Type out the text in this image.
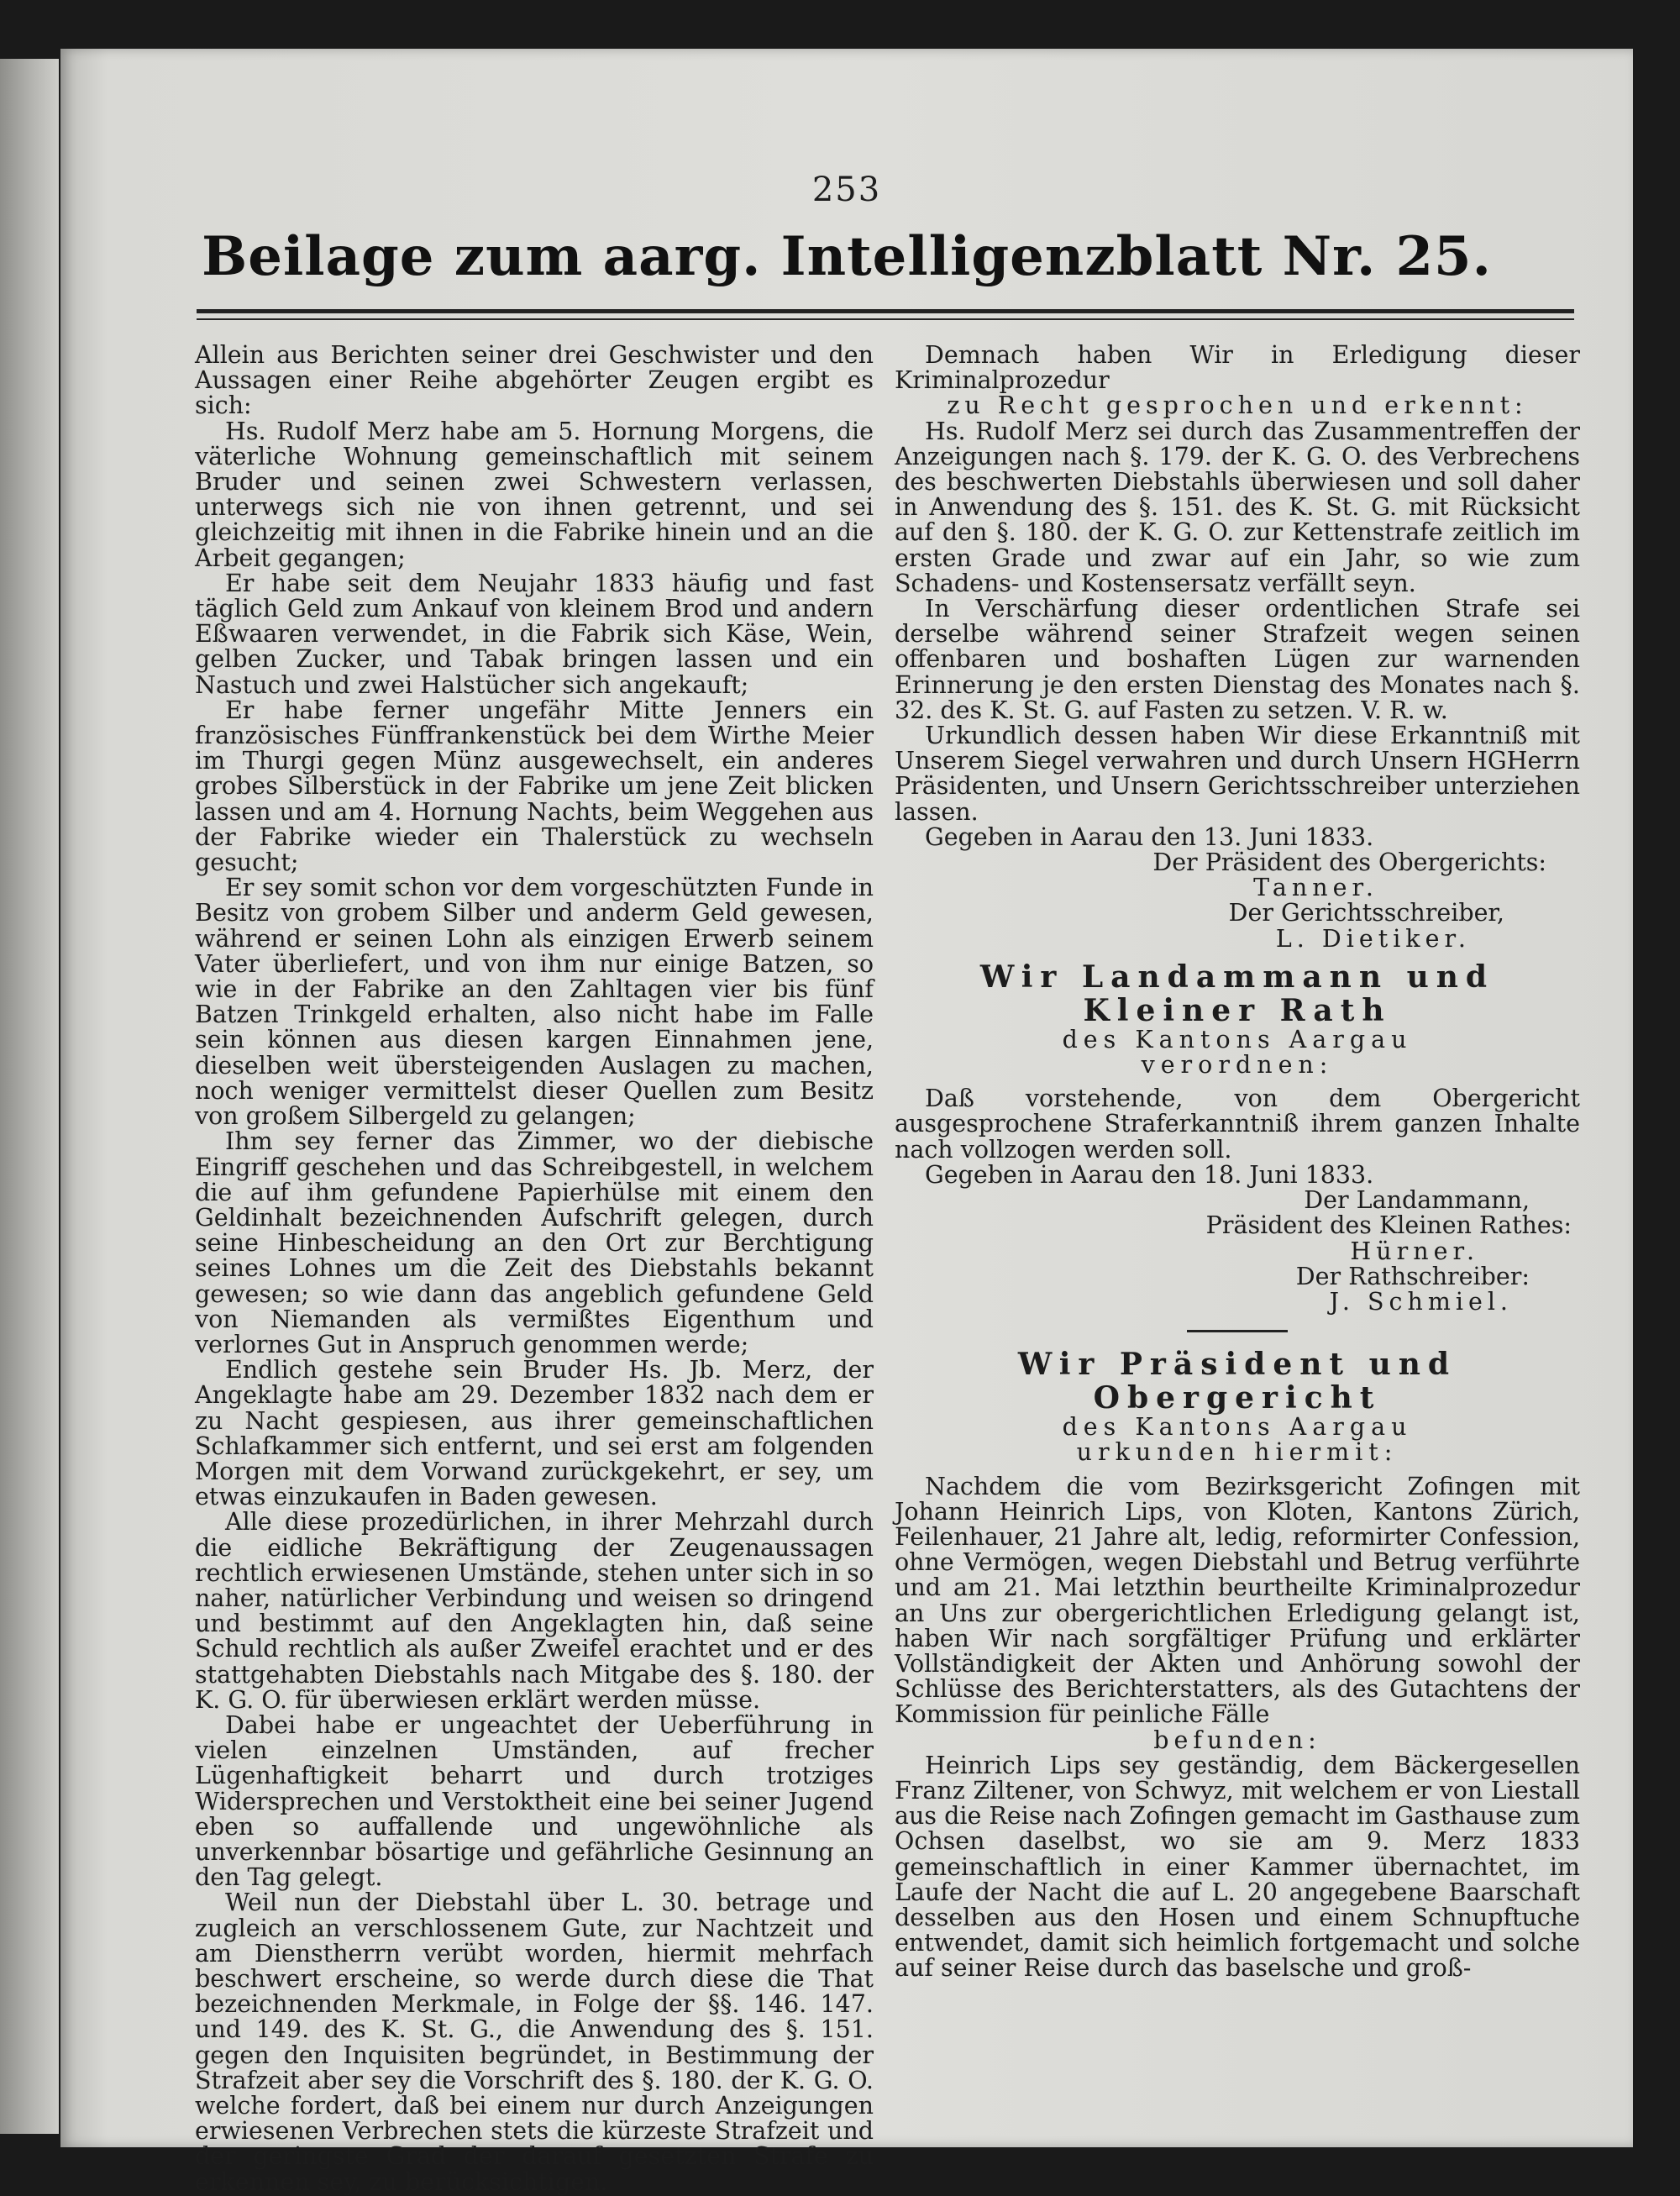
253
Beilage zum aarg. Intelligenzblatt Nr. 25.

Allein aus Berichten seiner drei Geschwister und den Aussagen einer Reihe abgehörter Zeugen ergibt es sich:

Hs. Rudolf Merz habe am 5. Hornung Morgens, die väterliche Wohnung gemeinschaftlich mit seinem Bruder und seinen zwei Schwestern verlassen, unterwegs sich nie von ihnen getrennt, und sei gleichzeitig mit ihnen in die Fabrike hinein und an die Arbeit gegangen;

Er habe seit dem Neujahr 1833 häufig und fast täglich Geld zum Ankauf von kleinem Brod und andern Eßwaaren verwendet, in die Fabrik sich Käse, Wein, gelben Zucker, und Tabak bringen lassen und ein Nastuch und zwei Halstücher sich angekauft;

Er habe ferner ungefähr Mitte Jenners ein französisches Fünffrankenstück bei dem Wirthe Meier im Thurgi gegen Münz ausgewechselt, ein anderes grobes Silberstück in der Fabrike um jene Zeit blicken lassen und am 4. Hornung Nachts, beim Weggehen aus der Fabrike wieder ein Thalerstück zu wechseln gesucht;

Er sey somit schon vor dem vorgeschützten Funde in Besitz von grobem Silber und anderm Geld gewesen, während er seinen Lohn als einzigen Erwerb seinem Vater überliefert, und von ihm nur einige Batzen, so wie in der Fabrike an den Zahltagen vier bis fünf Batzen Trinkgeld erhalten, also nicht habe im Falle sein können aus diesen kargen Einnahmen jene, dieselben weit übersteigenden Auslagen zu machen, noch weniger vermittelst dieser Quellen zum Besitz von großem Silbergeld zu gelangen;

Ihm sey ferner das Zimmer, wo der diebische Eingriff geschehen und das Schreibgestell, in welchem die auf ihm gefundene Papierhülse mit einem den Geldinhalt bezeichnenden Aufschrift gelegen, durch seine Hinbescheidung an den Ort zur Berchtigung seines Lohnes um die Zeit des Diebstahls bekannt gewesen; so wie dann das angeblich gefundene Geld von Niemanden als vermißtes Eigenthum und verlornes Gut in Anspruch genommen werde;

Endlich gestehe sein Bruder Hs. Jb. Merz, der Angeklagte habe am 29. Dezember 1832 nach dem er zu Nacht gespiesen, aus ihrer gemeinschaftlichen Schlafkammer sich entfernt, und sei erst am folgenden Morgen mit dem Vorwand zurückgekehrt, er sey, um etwas einzukaufen in Baden gewesen.

Alle diese prozedürlichen, in ihrer Mehrzahl durch die eidliche Bekräftigung der Zeugenaussagen rechtlich erwiesenen Umstände, stehen unter sich in so naher, natürlicher Verbindung und weisen so dringend und bestimmt auf den Angeklagten hin, daß seine Schuld rechtlich als außer Zweifel erachtet und er des stattgehabten Diebstahls nach Mitgabe des §. 180. der K. G. O. für überwiesen erklärt werden müsse.

Dabei habe er ungeachtet der Ueberführung in vielen einzelnen Umständen, auf frecher Lügenhaftigkeit beharrt und durch trotziges Widersprechen und Verstoktheit eine bei seiner Jugend eben so auffallende und ungewöhnliche als unverkennbar bösartige und gefährliche Gesinnung an den Tag gelegt.

Weil nun der Diebstahl über L. 30. betrage und zugleich an verschlossenem Gute, zur Nachtzeit und am Dienstherrn verübt worden, hiermit mehrfach beschwert erscheine, so werde durch diese die That bezeichnenden Merkmale, in Folge der §§. 146. 147. und 149. des K. St. G., die Anwendung des §. 151. gegen den Inquisiten begründet, in Bestimmung der Strafzeit aber sey die Vorschrift des §. 180. der K. G. O. welche fordert, daß bei einem nur durch Anzeigungen erwiesenen Verbrechen stets die kürzeste Strafzeit und der geringste Grad der darauf gesetzten Strafe zu erkennen sey, zu berücksichtigen.

Demnach haben Wir in Erledigung dieser Kriminalprozedur

zu Recht gesprochen und erkennt:

Hs. Rudolf Merz sei durch das Zusammentreffen der Anzeigungen nach §. 179. der K. G. O. des Verbrechens des beschwerten Diebstahls überwiesen und soll daher in Anwendung des §. 151. des K. St. G. mit Rücksicht auf den §. 180. der K. G. O. zur Kettenstrafe zeitlich im ersten Grade und zwar auf ein Jahr, so wie zum Schadens- und Kostensersatz verfällt seyn.

In Verschärfung dieser ordentlichen Strafe sei derselbe während seiner Strafzeit wegen seinen offenbaren und boshaften Lügen zur warnenden Erinnerung je den ersten Dienstag des Monates nach §. 32. des K. St. G. auf Fasten zu setzen. V. R. w.

Urkundlich dessen haben Wir diese Erkanntniß mit Unserem Siegel verwahren und durch Unsern HGHerrn Präsidenten, und Unsern Gerichtsschreiber unterziehen lassen.

Gegeben in Aarau den 13. Juni 1833.

Der Präsident des Obergerichts:

Tanner.

Der Gerichtsschreiber,

L. Dietiker.

Wir Landammann und Kleiner Rath

des Kantons Aargau

verordnen:

Daß vorstehende, von dem Obergericht ausgesprochene Straferkanntniß ihrem ganzen Inhalte nach vollzogen werden soll.

Gegeben in Aarau den 18. Juni 1833.

Der Landammann,

Präsident des Kleinen Rathes:

Hürner.

Der Rathschreiber:

J. Schmiel.

Wir Präsident und Obergericht

des Kantons Aargau

urkunden hiermit:

Nachdem die vom Bezirksgericht Zofingen mit Johann Heinrich Lips, von Kloten, Kantons Zürich, Feilenhauer, 21 Jahre alt, ledig, reformirter Confession, ohne Vermögen, wegen Diebstahl und Betrug verführte und am 21. Mai letzthin beurtheilte Kriminalprozedur an Uns zur obergerichtlichen Erledigung gelangt ist, haben Wir nach sorgfältiger Prüfung und erklärter Vollständigkeit der Akten und Anhörung sowohl der Schlüsse des Berichterstatters, als des Gutachtens der Kommission für peinliche Fälle

befunden:

Heinrich Lips sey geständig, dem Bäckergesellen Franz Ziltener, von Schwyz, mit welchem er von Liestall aus die Reise nach Zofingen gemacht im Gasthause zum Ochsen daselbst, wo sie am 9. Merz 1833 gemeinschaftlich in einer Kammer übernachtet, im Laufe der Nacht die auf L. 20 angegebene Baarschaft desselben aus den Hosen und einem Schnupftuche entwendet, damit sich heimlich fortgemacht und solche auf seiner Reise durch das baselsche und groß-
